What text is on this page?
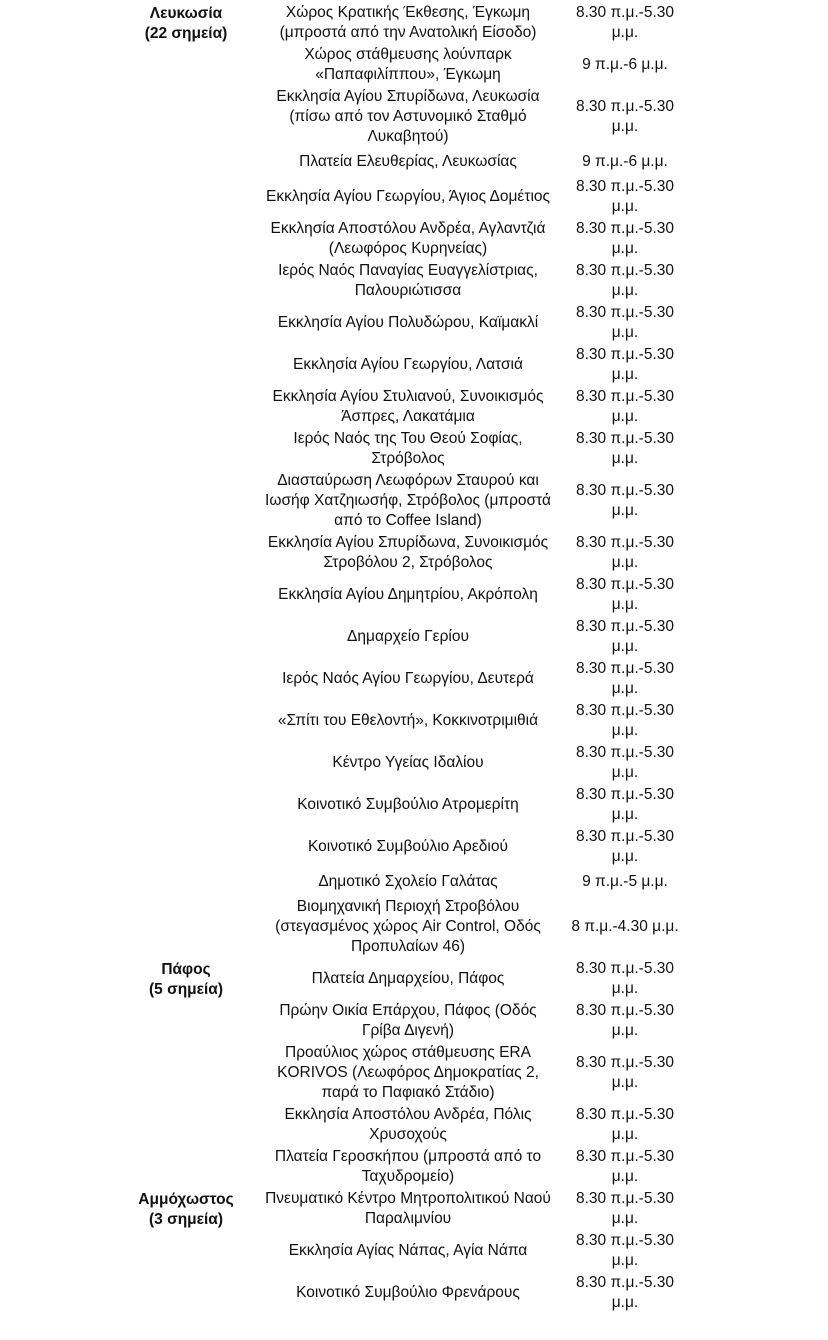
Λευκωσία
(22 σημεία)
Χώρος Κρατικής Έκθεσης, Έγκωμη
(μπροστά από την Ανατολική Είσοδο)
8.30 π.μ.-5.30
μ.μ.
Χώρος στάθμευσης λούνπαρκ
«Παπαφιλίππου», Έγκωμη
9 π.μ.-6 μ.μ.
Εκκλησία Αγίου Σπυρίδωνα, Λευκωσία
(πίσω από τον Αστυνομικό Σταθμό
Λυκαβητού)
8.30 π.μ.-5.30
μ.μ.
Πλατεία Ελευθερίας, Λευκωσίας	9 π.μ.-6 μ.μ.
Εκκλησία Αγίου Γεωργίου, Άγιος Δομέτιος
8.30 π.μ.-5.30
μ.μ.
Εκκλησία Αποστόλου Ανδρέα, Αγλαντζιά
(Λεωφόρος Κυρηνείας)
8.30 π.μ.-5.30
μ.μ.
Ιερός Ναός Παναγίας Ευαγγελίστριας,
Παλουριώτισσα
8.30 π.μ.-5.30
μ.μ.
Εκκλησία Αγίου Πολυδώρου, Καϊμακλί
8.30 π.μ.-5.30
μ.μ.
Εκκλησία Αγίου Γεωργίου, Λατσιά
8.30 π.μ.-5.30
μ.μ.
Εκκλησία Αγίου Στυλιανού, Συνοικισμός
Άσπρες, Λακατάμια
8.30 π.μ.-5.30
μ.μ.
Ιερός Ναός της Του Θεού Σοφίας,
Στρόβολος
8.30 π.μ.-5.30
μ.μ.
Διασταύρωση Λεωφόρων Σταυρού και
Ιωσήφ Χατζηιωσήφ, Στρόβολος (μπροστά
από το Coffee Island)
8.30 π.μ.-5.30
μ.μ.
Εκκλησία Αγίου Σπυρίδωνα, Συνοικισμός
Στροβόλου 2, Στρόβολος
8.30 π.μ.-5.30
μ.μ.
Εκκλησία Αγίου Δημητρίου, Ακρόπολη
8.30 π.μ.-5.30
μ.μ.
Δημαρχείο Γερίου
8.30 π.μ.-5.30
μ.μ.
Ιερός Ναός Αγίου Γεωργίου, Δευτερά
8.30 π.μ.-5.30
μ.μ.
«Σπίτι του Εθελοντή», Κοκκινοτριμιθιά
8.30 π.μ.-5.30
μ.μ.
Κέντρο Υγείας Ιδαλίου
8.30 π.μ.-5.30
μ.μ.
Κοινοτικό Συμβούλιο Ατρομερίτη
8.30 π.μ.-5.30
μ.μ.
Κοινοτικό Συμβούλιο Αρεδιού
8.30 π.μ.-5.30
μ.μ.
Δημοτικό Σχολείο Γαλάτας	9 π.μ.-5 μ.μ.
Βιομηχανική Περιοχή Στροβόλου
(στεγασμένος χώρος Air Control, Οδός
Προπυλαίων 46)
8 π.μ.-4.30 μ.μ.
Πάφος
(5 σημεία)
Πλατεία Δημαρχείου, Πάφος
8.30 π.μ.-5.30
μ.μ.
Πρώην Οικία Επάρχου, Πάφος (Οδός
Γρίβα Διγενή)
8.30 π.μ.-5.30
μ.μ.
Προαύλιος χώρος στάθμευσης ERA
KORIVOS (Λεωφόρος Δημοκρατίας 2,
παρά το Παφιακό Στάδιο)
8.30 π.μ.-5.30
μ.μ.
Εκκλησία Αποστόλου Ανδρέα, Πόλις
Χρυσοχούς
8.30 π.μ.-5.30
μ.μ.
Πλατεία Γεροσκήπου (μπροστά από το
Ταχυδρομείο)
8.30 π.μ.-5.30
μ.μ.
Αμμόχωστος
(3 σημεία)
Πνευματικό Κέντρο Μητροπολιτικού Ναού
Παραλιμνίου
8.30 π.μ.-5.30
μ.μ.
Εκκλησία Αγίας Νάπας, Αγία Νάπα
8.30 π.μ.-5.30
μ.μ.
Κοινοτικό Συμβούλιο Φρενάρους
8.30 π.μ.-5.30
μ.μ.
